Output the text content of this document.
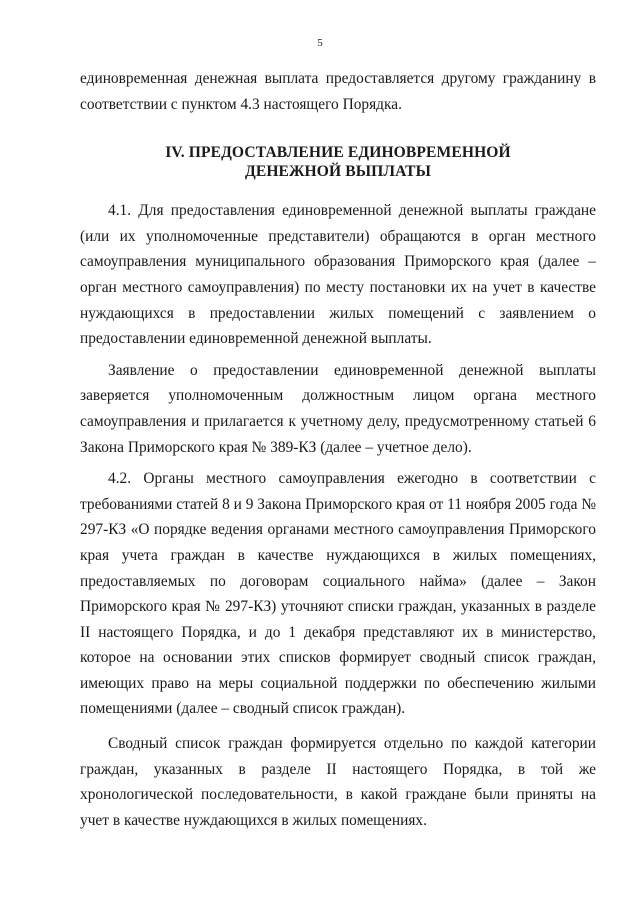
5

единовременная денежная выплата предоставляется другому гражданину в соответствии с пунктом 4.3 настоящего Порядка.

IV. ПРЕДОСТАВЛЕНИЕ ЕДИНОВРЕМЕННОЙ
ДЕНЕЖНОЙ ВЫПЛАТЫ

4.1. Для предоставления единовременной денежной выплаты граждане (или их уполномоченные представители) обращаются в орган местного самоуправления муниципального образования Приморского края (далее – орган местного самоуправления) по месту постановки их на учет в качестве нуждающихся в предоставлении жилых помещений с заявлением о предоставлении единовременной денежной выплаты.

Заявление о предоставлении единовременной денежной выплаты заверяется уполномоченным должностным лицом органа местного самоуправления и прилагается к учетному делу, предусмотренному статьей 6 Закона Приморского края № 389-КЗ (далее – учетное дело).

4.2. Органы местного самоуправления ежегодно в соответствии с требованиями статей 8 и 9 Закона Приморского края от 11 ноября 2005 года № 297-КЗ «О порядке ведения органами местного самоуправления Приморского края учета граждан в качестве нуждающихся в жилых помещениях, предоставляемых по договорам социального найма» (далее – Закон Приморского края № 297-КЗ) уточняют списки граждан, указанных в разделе II настоящего Порядка, и до 1 декабря представляют их в министерство, которое на основании этих списков формирует сводный список граждан, имеющих право на меры социальной поддержки по обеспечению жилыми помещениями (далее – сводный список граждан).

Сводный список граждан формируется отдельно по каждой категории граждан, указанных в разделе II настоящего Порядка, в той же хронологической последовательности, в какой граждане были приняты на учет в качестве нуждающихся в жилых помещениях.
